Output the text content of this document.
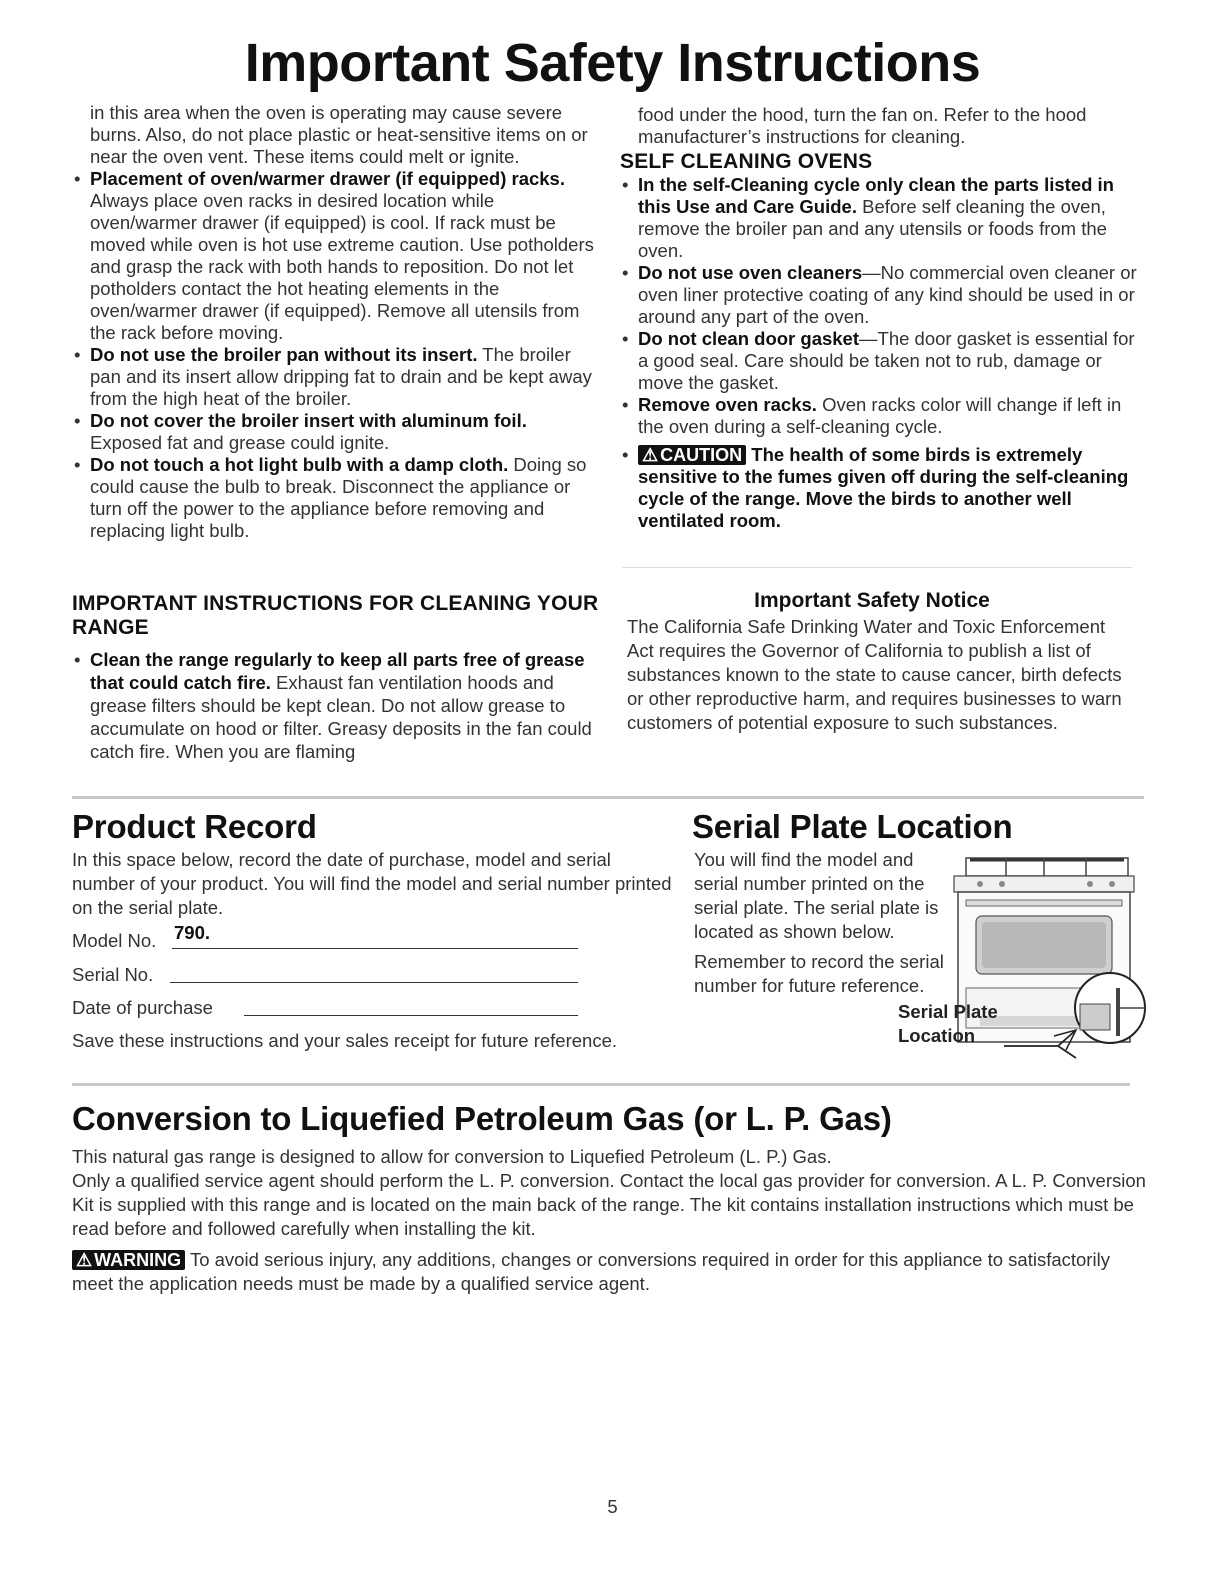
Important Safety Instructions

in this area when the oven is operating may cause severe burns. Also, do not place plastic or heat-sensitive items on or near the oven vent. These items could melt or ignite.

• Placement of oven/warmer drawer (if equipped) racks. Always place oven racks in desired location while oven/warmer drawer (if equipped) is cool. If rack must be moved while oven is hot use extreme caution. Use potholders and grasp the rack with both hands to reposition. Do not let potholders contact the hot heating elements in the oven/warmer drawer (if equipped). Remove all utensils from the rack before moving.
• Do not use the broiler pan without its insert. The broiler pan and its insert allow dripping fat to drain and be kept away from the high heat of the broiler.
• Do not cover the broiler insert with aluminum foil. Exposed fat and grease could ignite.
• Do not touch a hot light bulb with a damp cloth. Doing so could cause the bulb to break. Disconnect the appliance or turn off the power to the appliance before removing and replacing light bulb.

food under the hood, turn the fan on. Refer to the hood manufacturer’s instructions for cleaning.

SELF CLEANING OVENS
• In the self-Cleaning cycle only clean the parts listed in this Use and Care Guide. Before self cleaning the oven, remove the broiler pan and any utensils or foods from the oven.
• Do not use oven cleaners—No commercial oven cleaner or oven liner protective coating of any kind should be used in or around any part of the oven.
• Do not clean door gasket—The door gasket is essential for a good seal. Care should be taken not to rub, damage or move the gasket.
• Remove oven racks. Oven racks color will change if left in the oven during a self-cleaning cycle.
• ⚠ CAUTION The health of some birds is extremely sensitive to the fumes given off during the self-cleaning cycle of the range. Move the birds to another well ventilated room.
IMPORTANT INSTRUCTIONS FOR CLEANING YOUR RANGE
• Clean the range regularly to keep all parts free of grease that could catch fire. Exhaust fan ventilation hoods and grease filters should be kept clean. Do not allow grease to accumulate on hood or filter. Greasy deposits in the fan could catch fire. When you are flaming
Important Safety Notice

The California Safe Drinking Water and Toxic Enforcement Act requires the Governor of California to publish a list of substances known to the state to cause cancer, birth defects or other reproductive harm, and requires businesses to warn customers of potential exposure to such substances.

Product Record

In this space below, record the date of purchase, model and serial number of your product. You will find the model and serial number printed on the serial plate.

Model No. 790.
Serial No.
Date of purchase
Save these instructions and your sales receipt for future reference.
Serial Plate Location

You will find the model and serial number printed on the serial plate. The serial plate is located as shown below.

Remember to record the serial number for future reference.

Serial Plate
Location
Conversion to Liquefied Petroleum Gas (or L. P. Gas)

This natural gas range is designed to allow for conversion to Liquefied Petroleum (L. P.) Gas.

Only a qualified service agent should perform the L. P. conversion. Contact the local gas provider for conversion. A L. P. Conversion Kit is supplied with this range and is located on the main back of the range. The kit contains installation instructions which must be read before and followed carefully when installing the kit.

⚠ WARNING To avoid serious injury, any additions, changes or conversions required in order for this appliance to satisfactorily meet the application needs must be made by a qualified service agent.
5
